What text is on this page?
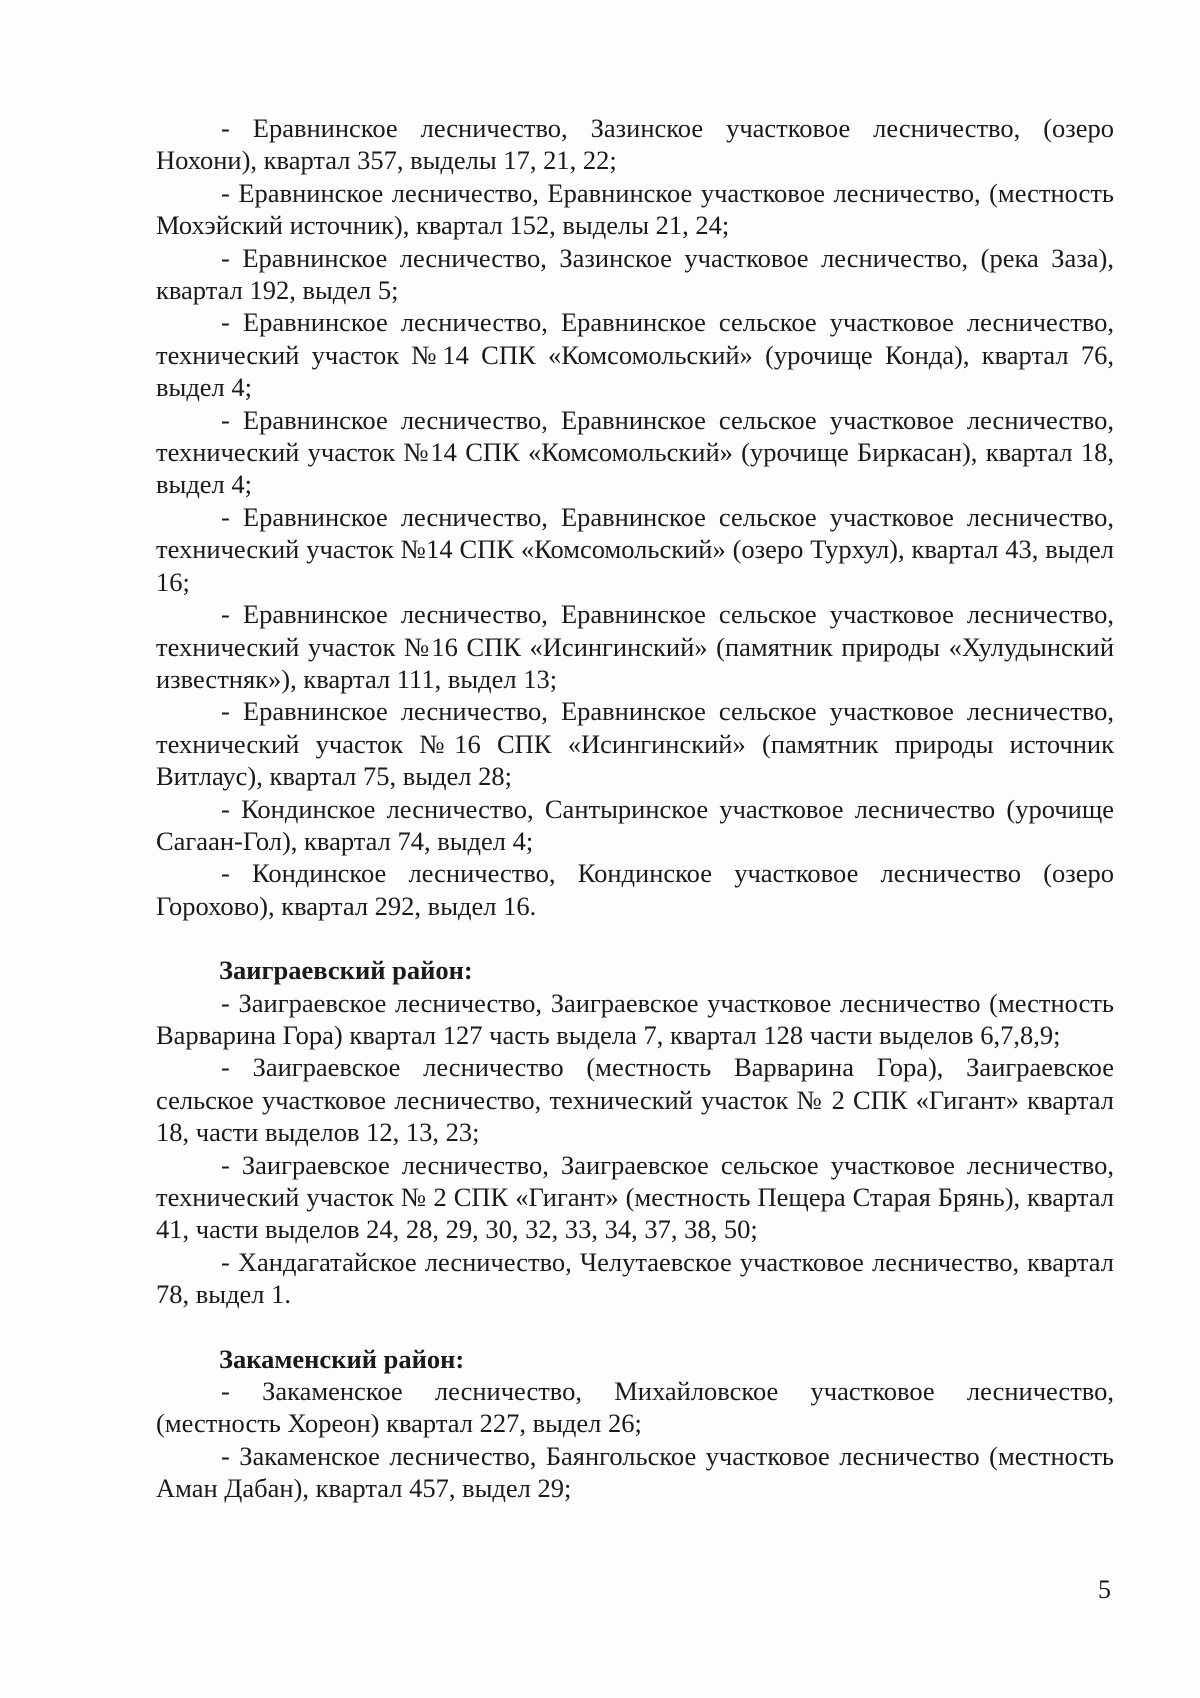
- Еравнинское лесничество, Зазинское участковое лесничество, (озеро Нохони), квартал 357, выделы 17, 21, 22;

- Еравнинское лесничество, Еравнинское участковое лесничество, (местность Мохэйский источник), квартал 152, выделы 21, 24;

- Еравнинское лесничество, Зазинское участковое лесничество, (река Заза), квартал 192, выдел 5;

- Еравнинское лесничество, Еравнинское сельское участковое лесничество, технический участок №14 СПК «Комсомольский» (урочище Конда), квартал 76, выдел 4;

- Еравнинское лесничество, Еравнинское сельское участковое лесничество, технический участок №14 СПК «Комсомольский» (урочище Биркасан), квартал 18, выдел 4;

- Еравнинское лесничество, Еравнинское сельское участковое лесничество, технический участок №14 СПК «Комсомольский» (озеро Турхул), квартал 43, выдел 16;

- Еравнинское лесничество, Еравнинское сельское участковое лесничество, технический участок №16 СПК «Исингинский» (памятник природы «Хулудынский известняк»), квартал 111, выдел 13;

- Еравнинское лесничество, Еравнинское сельское участковое лесничество, технический участок №16 СПК «Исингинский» (памятник природы источник Витлаус), квартал 75, выдел 28;

- Кондинское лесничество, Сантыринское участковое лесничество (урочище Сагаан-Гол), квартал 74, выдел 4;

- Кондинское лесничество, Кондинское участковое лесничество (озеро Горохово), квартал 292, выдел 16.

Заиграевский район:

- Заиграевское лесничество, Заиграевское участковое лесничество (местность Варварина Гора) квартал 127 часть выдела 7, квартал 128 части выделов 6,7,8,9;

- Заиграевское лесничество (местность Варварина Гора), Заиграевское сельское участковое лесничество, технический участок № 2 СПК «Гигант» квартал 18, части выделов 12, 13, 23;

- Заиграевское лесничество, Заиграевское сельское участковое лесничество, технический участок № 2 СПК «Гигант» (местность Пещера Старая Брянь), квартал 41, части выделов 24, 28, 29, 30, 32, 33, 34, 37, 38, 50;

- Хандагатайское лесничество, Челутаевское участковое лесничество, квартал 78, выдел 1.

Закаменский район:

- Закаменское лесничество, Михайловское участковое лесничество, (местность Хореон) квартал 227, выдел 26;

- Закаменское лесничество, Баянгольское участковое лесничество (местность Аман Дабан), квартал 457, выдел 29;

5
